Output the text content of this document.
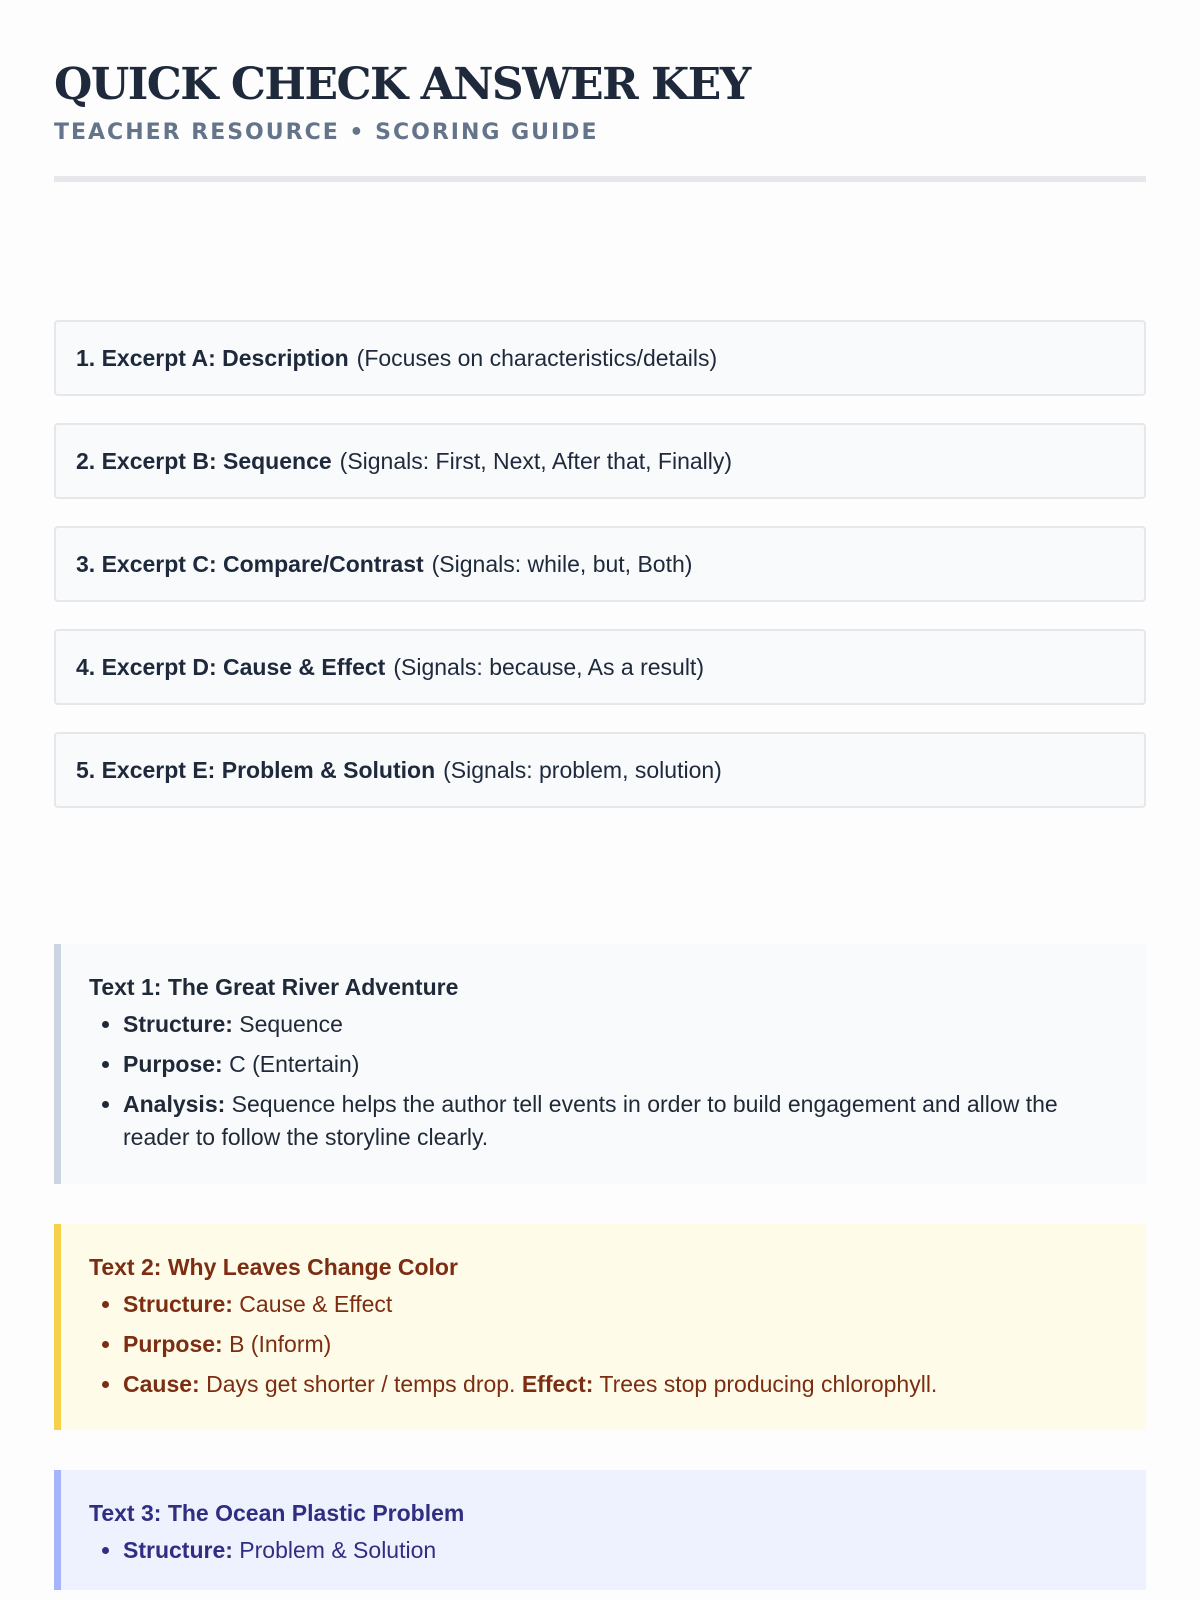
QUICK CHECK ANSWER KEY
TEACHER RESOURCE • SCORING GUIDE
1. Excerpt A: Description (Focuses on characteristics/details)
2. Excerpt B: Sequence (Signals: First, Next, After that, Finally)
3. Excerpt C: Compare/Contrast (Signals: while, but, Both)
4. Excerpt D: Cause & Effect (Signals: because, As a result)
5. Excerpt E: Problem & Solution (Signals: problem, solution)
Text 1: The Great River Adventure
• Structure: Sequence
• Purpose: C (Entertain)
• Analysis: Sequence helps the author tell events in order to build engagement and allow the reader to follow the storyline clearly.
Text 2: Why Leaves Change Color
• Structure: Cause & Effect
• Purpose: B (Inform)
• Cause: Days get shorter / temps drop. Effect: Trees stop producing chlorophyll.
Text 3: The Ocean Plastic Problem
• Structure: Problem & Solution
